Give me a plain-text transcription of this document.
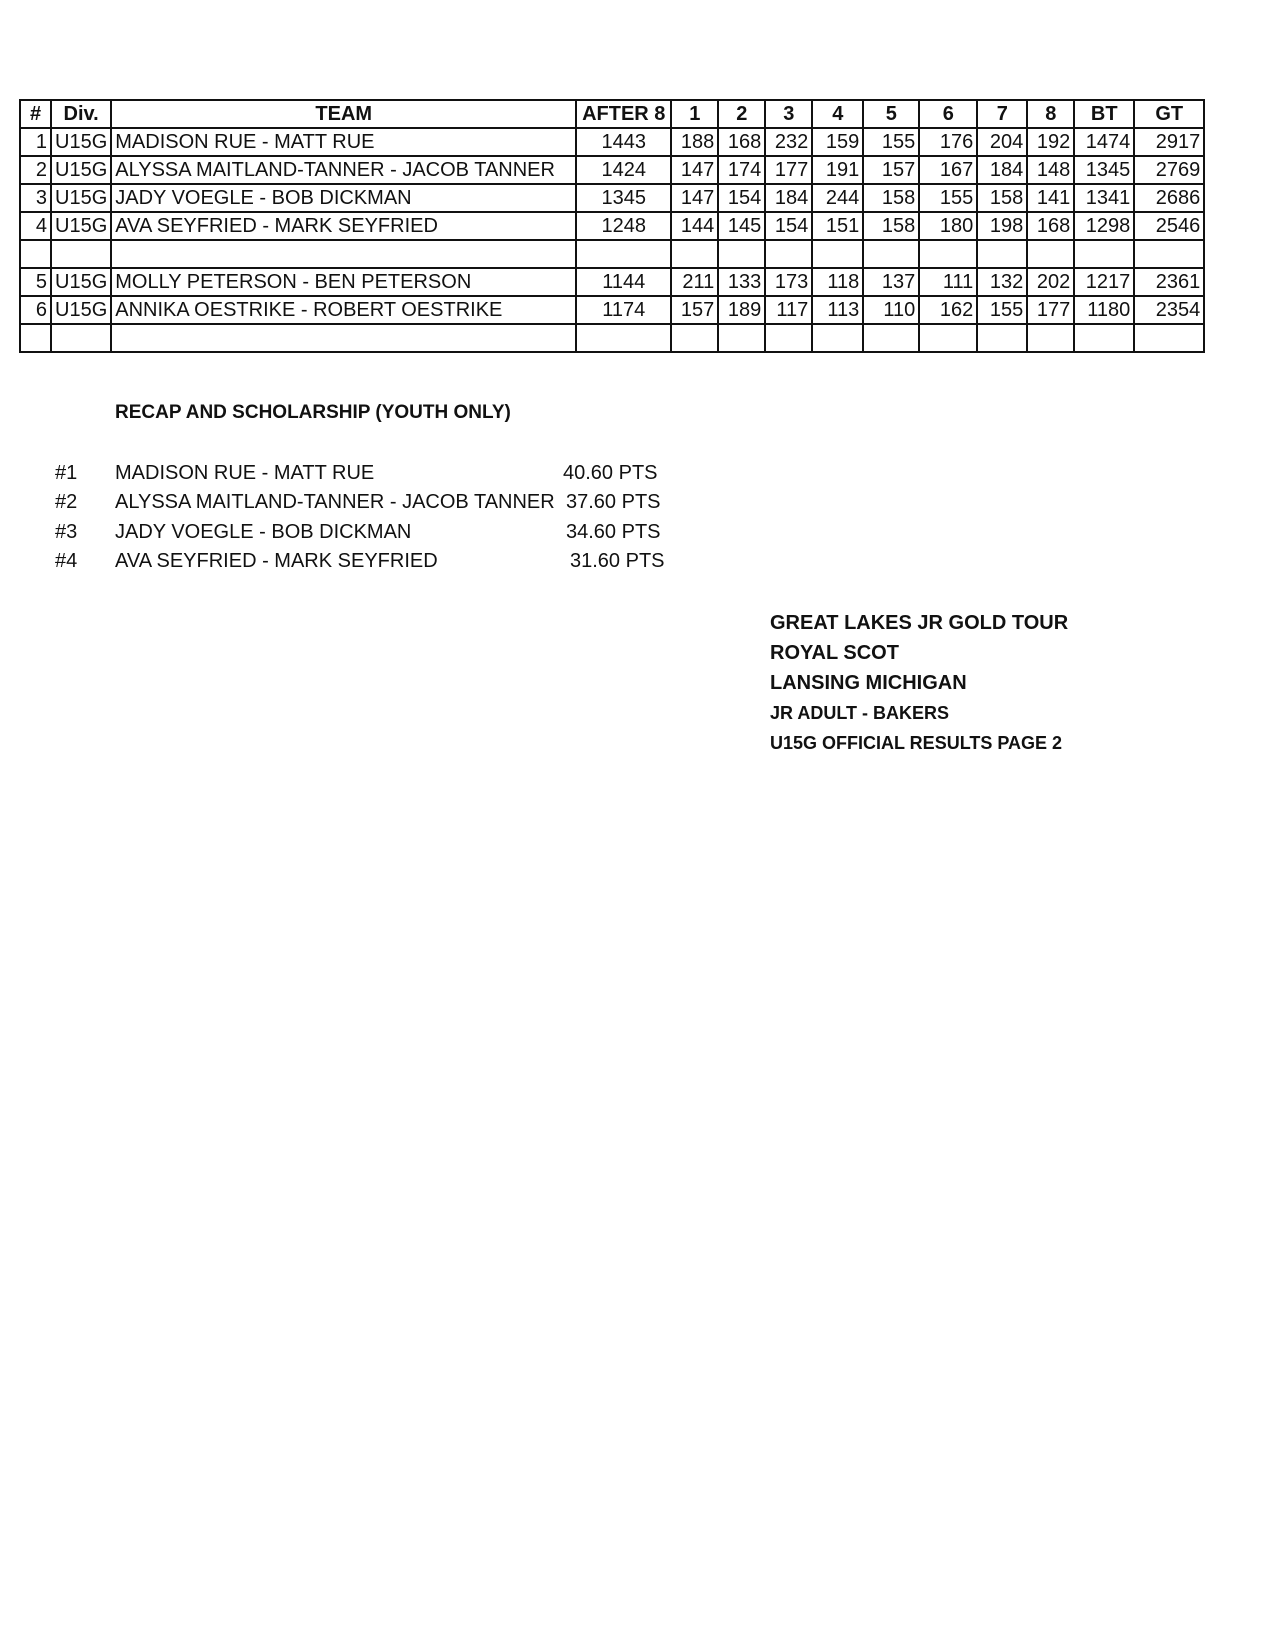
#	Div.	TEAM	AFTER 8	1	2	3	4	5	6	7	8	BT	GT
1	U15G	MADISON RUE - MATT RUE	1443	188	168	232	159	155	176	204	192	1474	2917
2	U15G	ALYSSA MAITLAND-TANNER - JACOB TANNER	1424	147	174	177	191	157	167	184	148	1345	2769
3	U15G	JADY VOEGLE - BOB DICKMAN	1345	147	154	184	244	158	155	158	141	1341	2686
4	U15G	AVA SEYFRIED - MARK SEYFRIED	1248	144	145	154	151	158	180	198	168	1298	2546

5	U15G	MOLLY PETERSON - BEN PETERSON	1144	211	133	173	118	137	111	132	202	1217	2361
6	U15G	ANNIKA OESTRIKE - ROBERT OESTRIKE	1174	157	189	117	113	110	162	155	177	1180	2354

RECAP AND SCHOLARSHIP (YOUTH ONLY)
#1 MADISON RUE - MATT RUE	40.60 PTS
#2 ALYSSA MAITLAND-TANNER - JACOB TANNER 37.60 PTS
#3 JADY VOEGLE - BOB DICKMAN	34.60 PTS
#4 AVA SEYFRIED - MARK SEYFRIED	31.60 PTS
GREAT LAKES JR GOLD TOUR
ROYAL SCOT
LANSING MICHIGAN
JR ADULT - BAKERS
U15G OFFICIAL RESULTS PAGE 2
